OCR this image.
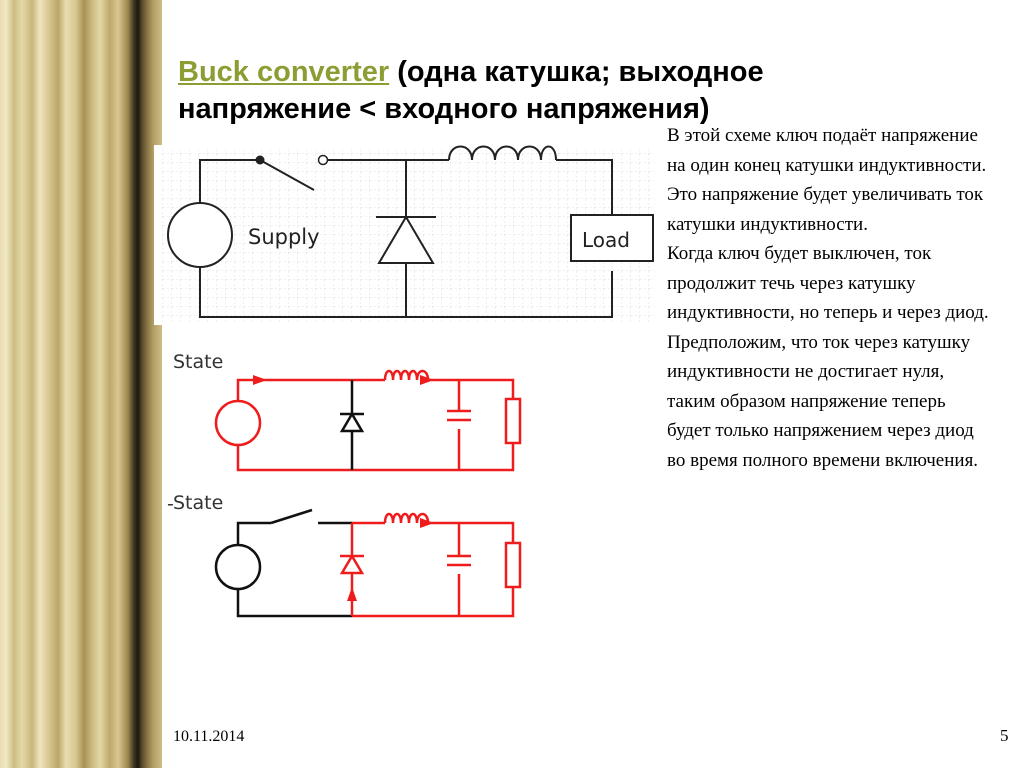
Buck converter (одна катушка; выходное напряжение < входного напряжения)
Supply	Load
State
- State

В этой схеме ключ подаёт напряжение на один конец катушки индуктивности. Это напряжение будет увеличивать ток катушки индуктивности.

Когда ключ будет выключен, ток продолжит течь через катушку индуктивности, но теперь и через диод. Предположим, что ток через катушку индуктивности не достигает нуля, таким образом напряжение теперь будет только напряжением через диод во время полного времени включения.

10.11.2014	5
